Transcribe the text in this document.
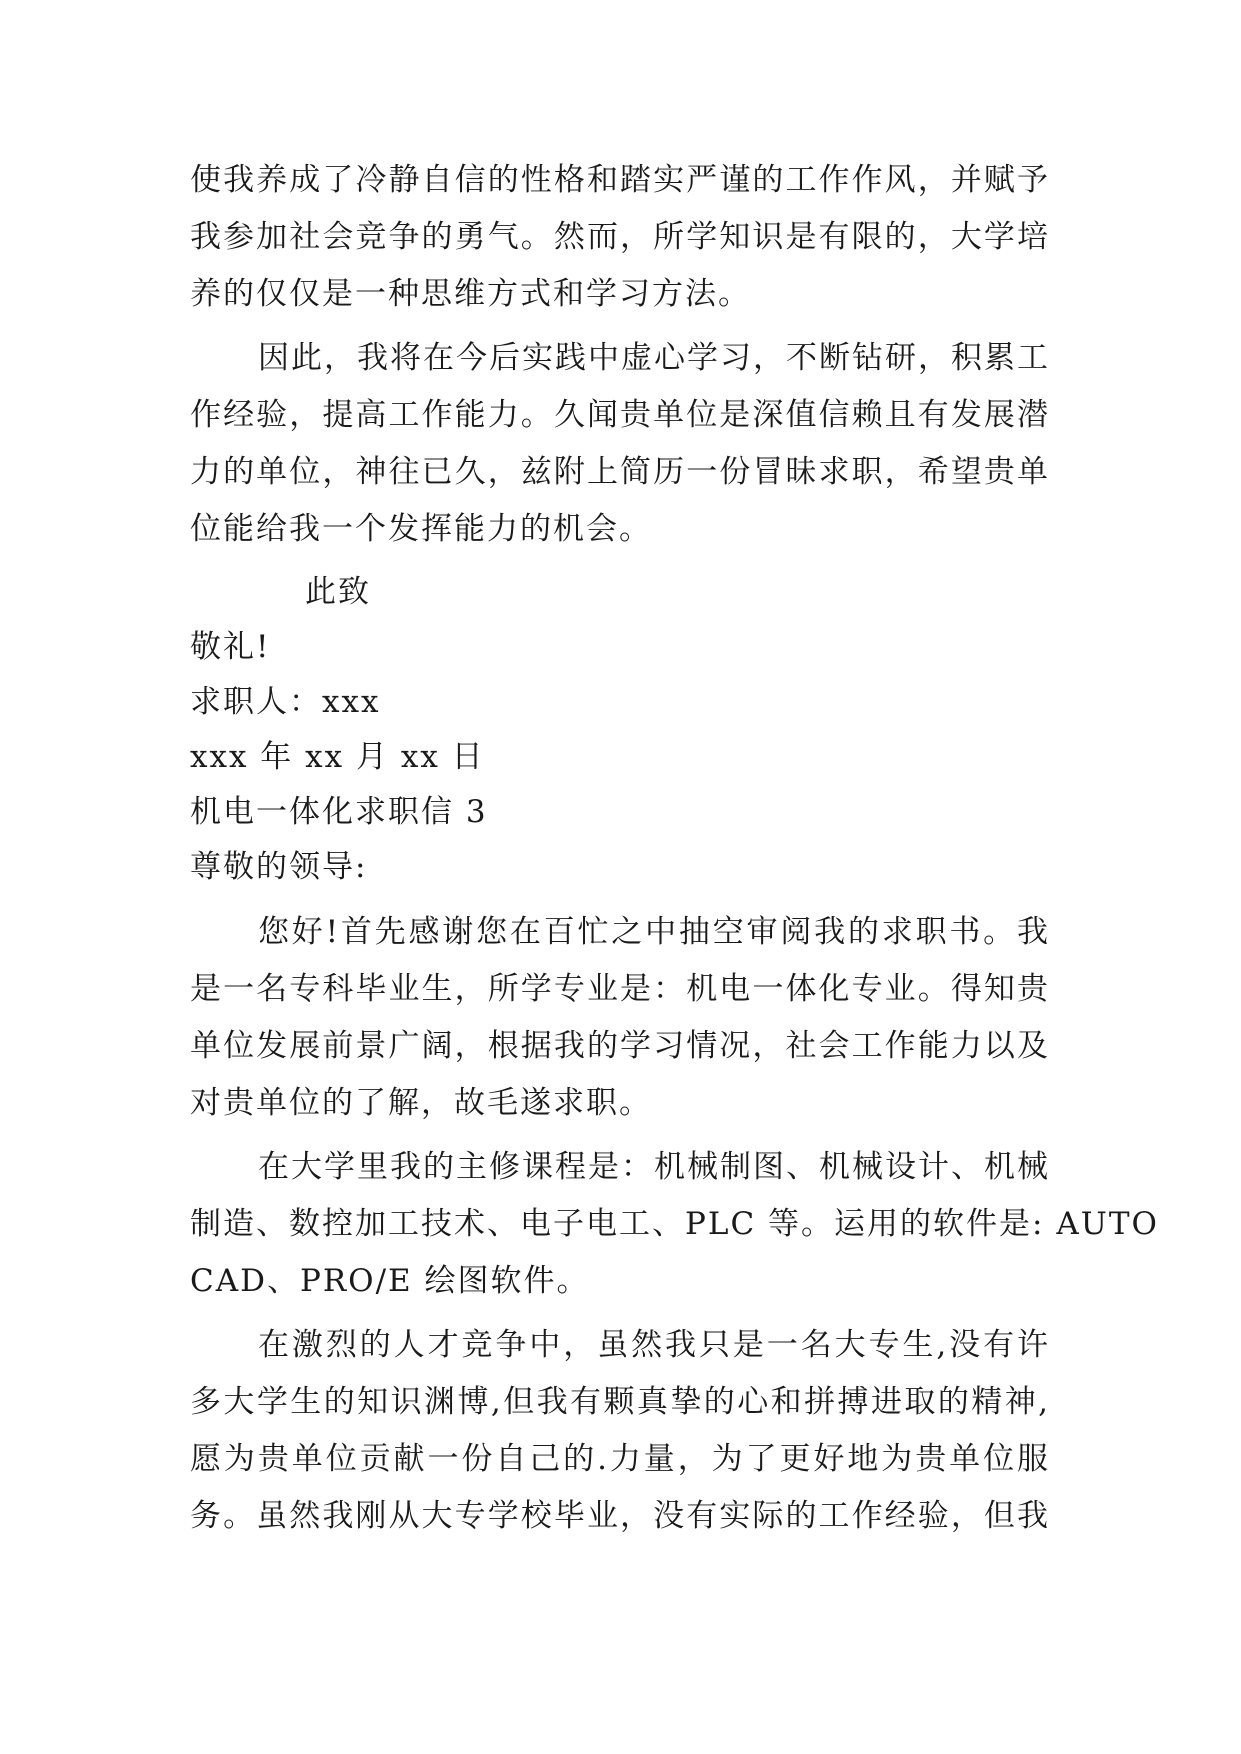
使我养成了冷静自信的性格和踏实严谨的工作作风，并赋予
我参加社会竞争的勇气。然而，所学知识是有限的，大学培
养的仅仅是一种思维方式和学习方法。
因此，我将在今后实践中虚心学习，不断钻研，积累工
作经验，提高工作能力。久闻贵单位是深值信赖且有发展潜
力的单位，神往已久，兹附上简历一份冒昧求职，希望贵单
位能给我一个发挥能力的机会。
此致
敬礼!
求职人：xxx
xxx 年 xx 月 xx 日
机电一体化求职信 3
尊敬的领导:
您好!首先感谢您在百忙之中抽空审阅我的求职书。我
是一名专科毕业生，所学专业是：机电一体化专业。得知贵
单位发展前景广阔，根据我的学习情况，社会工作能力以及
对贵单位的了解，故毛遂求职。
在大学里我的主修课程是：机械制图、机械设计、机械
制造、数控加工技术、电子电工、PLC 等。运用的软件是: AUTO
CAD、PRO/E 绘图软件。
在激烈的人才竞争中，虽然我只是一名大专生,没有许
多大学生的知识渊博,但我有颗真挚的心和拼搏进取的精神,
愿为贵单位贡献一份自己的.力量，为了更好地为贵单位服
务。虽然我刚从大专学校毕业，没有实际的工作经验，但我
